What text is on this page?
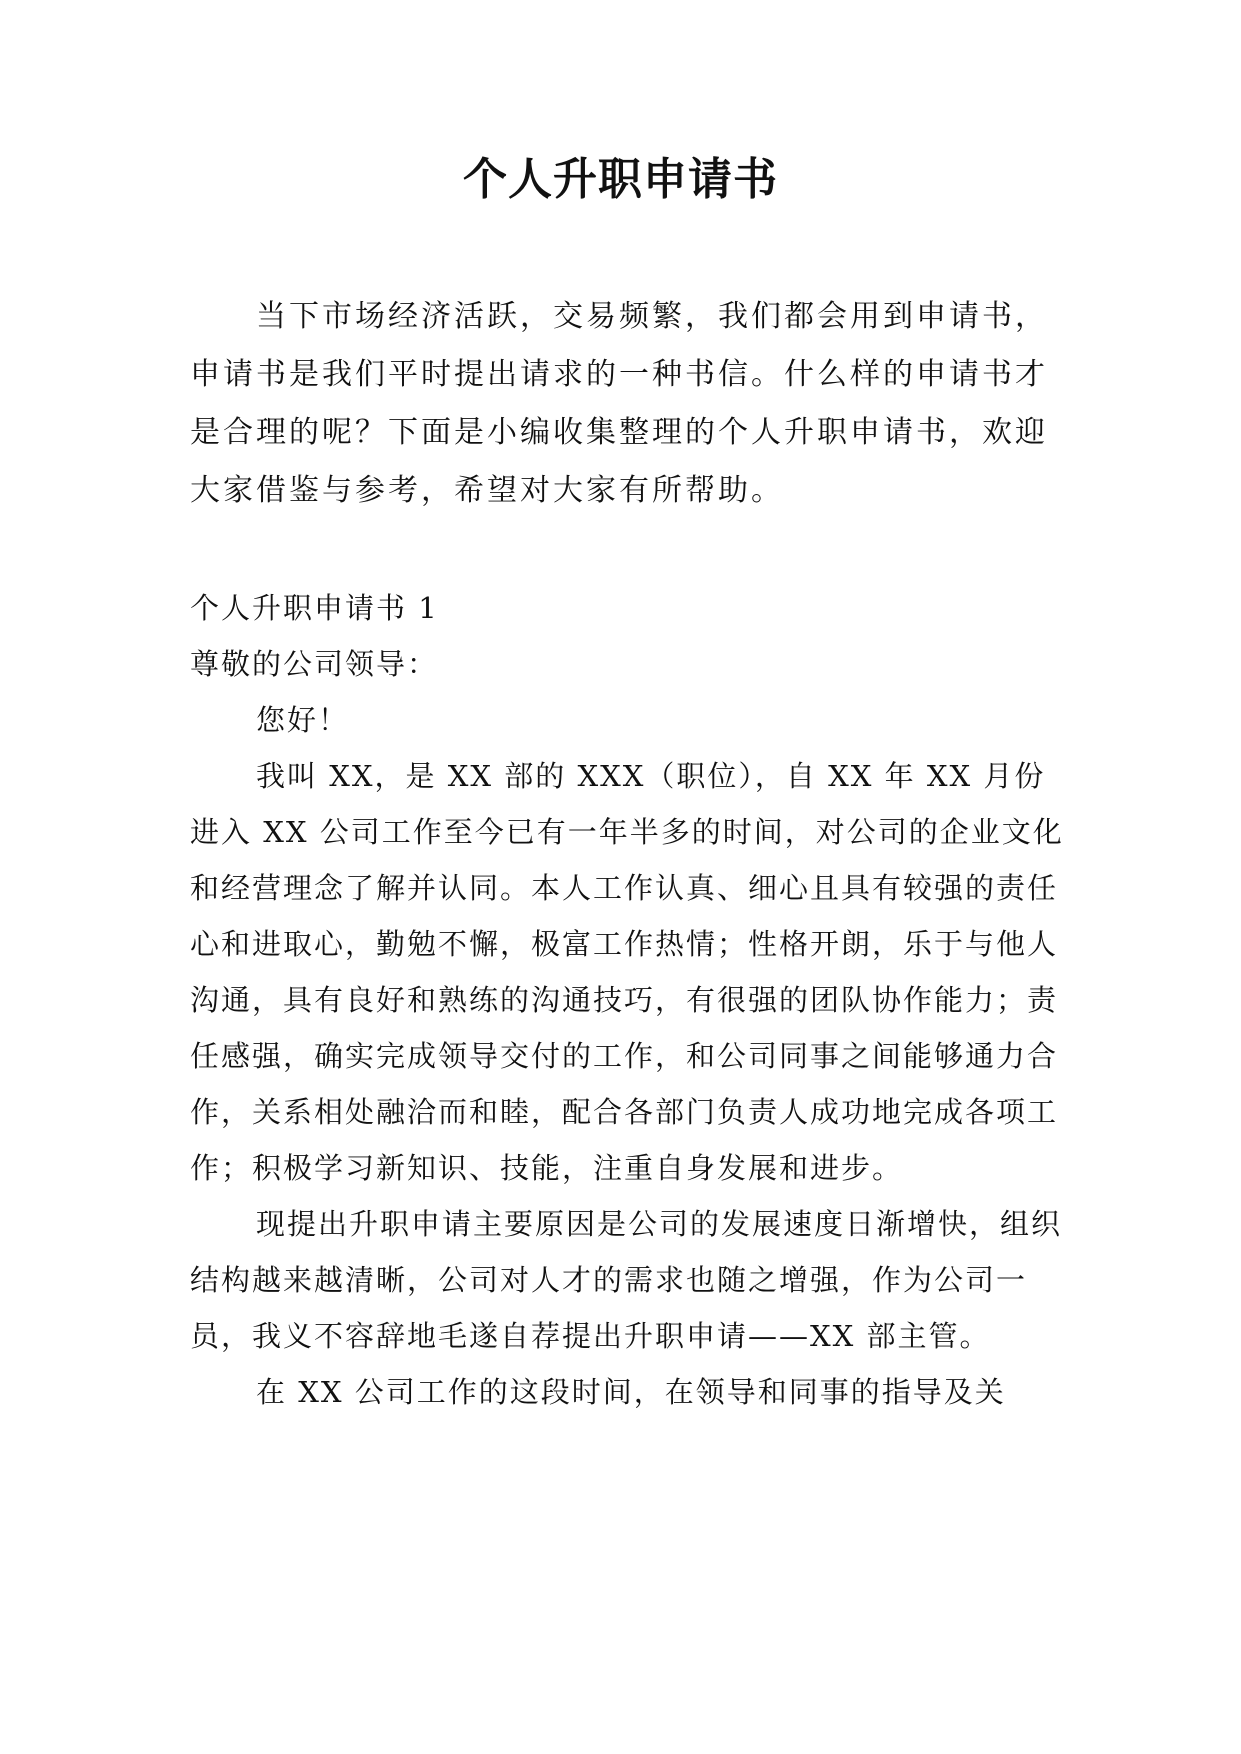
个人升职申请书

当下市场经济活跃，交易频繁，我们都会用到申请书，申请书是我们平时提出请求的一种书信。什么样的申请书才是合理的呢？下面是小编收集整理的个人升职申请书，欢迎大家借鉴与参考，希望对大家有所帮助。

个人升职申请书 1

尊敬的公司领导：

您好！

我叫 XX，是 XX 部的 XXX（职位），自 XX 年 XX 月份进入 XX 公司工作至今已有一年半多的时间，对公司的企业文化和经营理念了解并认同。本人工作认真、细心且具有较强的责任心和进取心，勤勉不懈，极富工作热情；性格开朗，乐于与他人沟通，具有良好和熟练的沟通技巧，有很强的团队协作能力；责任感强，确实完成领导交付的工作，和公司同事之间能够通力合作，关系相处融洽而和睦，配合各部门负责人成功地完成各项工作；积极学习新知识、技能，注重自身发展和进步。

现提出升职申请主要原因是公司的发展速度日渐增快，组织结构越来越清晰，公司对人才的需求也随之增强，作为公司一员，我义不容辞地毛遂自荐提出升职申请——XX 部主管。

在 XX 公司工作的这段时间，在领导和同事的指导及关
